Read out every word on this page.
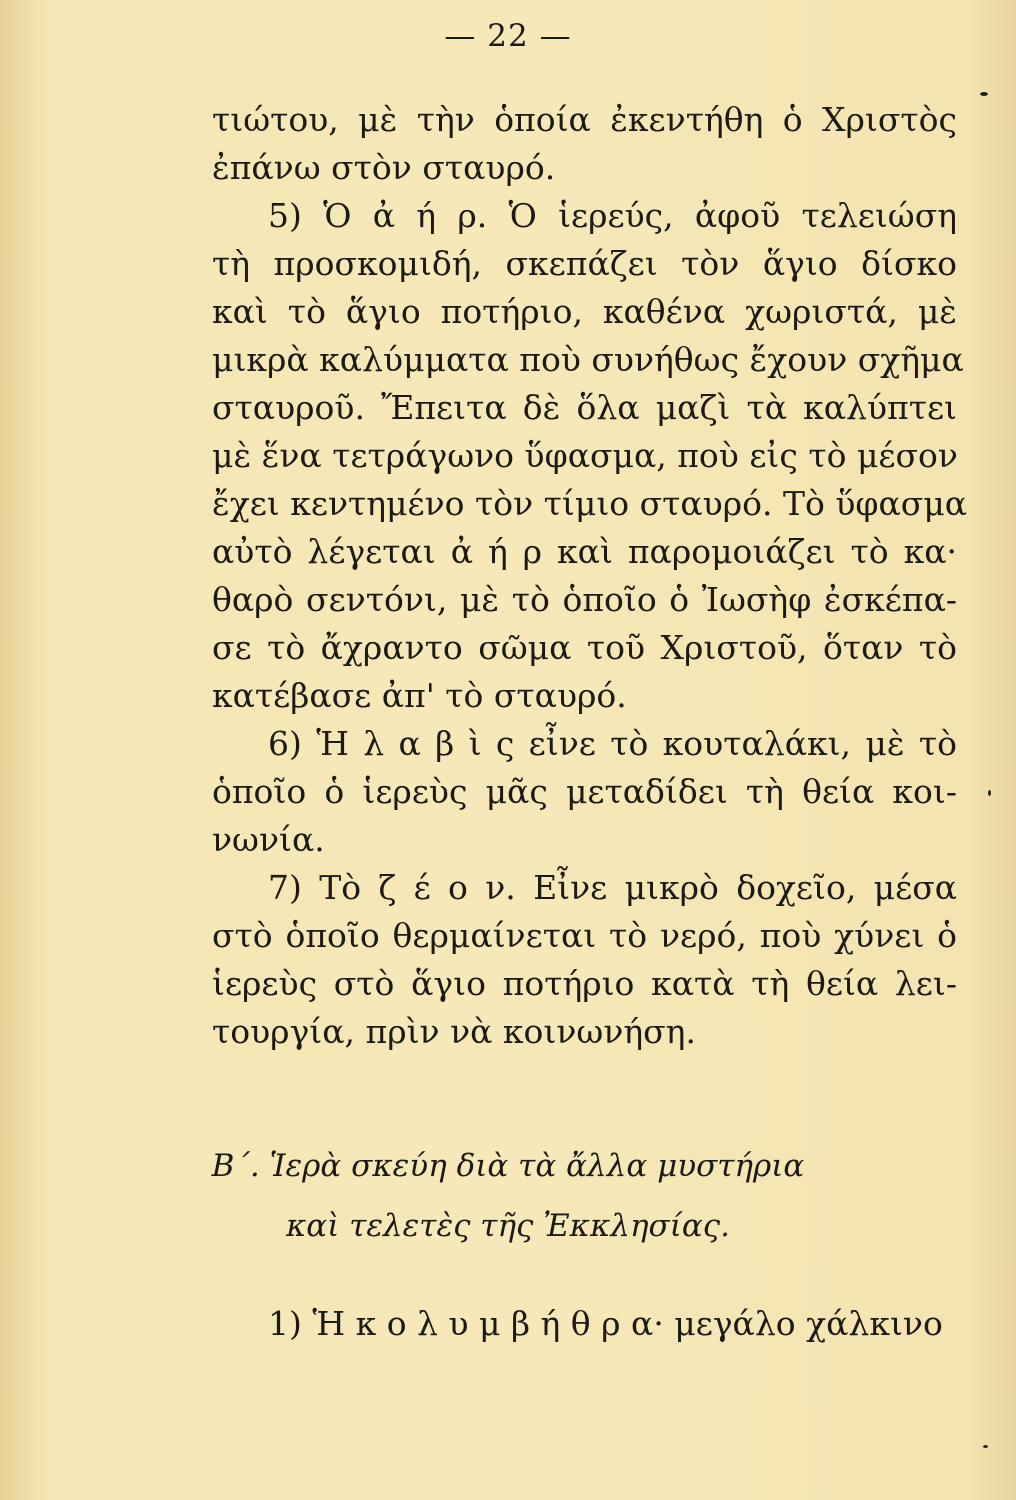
— 22 —
τιώτου, μὲ τὴν ὁποία ἐκεντήθη ὁ Χριστὸς
ἐπάνω στὸν σταυρό.
5) Ὁ ἀ ή ρ. Ὁ ἱερεύς, ἀφοῦ τελειώση
τὴ προσκομιδή, σκεπάζει τὸν ἅγιο δίσκο
καὶ τὸ ἅγιο ποτήριο, καθένα χωριστά, μὲ
μικρὰ καλύμματα ποὺ συνήθως ἔχουν σχῆμα
σταυροῦ. Ἔπειτα δὲ ὅλα μαζὶ τὰ καλύπτει
μὲ ἕνα τετράγωνο ὕφασμα, ποὺ εἰς τὸ μέσον
ἔχει κεντημένο τὸν τίμιο σταυρό. Τὸ ὕφασμα
αὐτὸ λέγεται ἀ ή ρ καὶ παρομοιάζει τὸ κα·
θαρὸ σεντόνι, μὲ τὸ ὁποῖο ὁ Ἰωσὴφ ἐσκέπα-
σε τὸ ἄχραντο σῶμα τοῦ Χριστοῦ, ὅταν τὸ
κατέβασε ἀπ' τὸ σταυρό.
6) Ἡ λ α β ὶ ς εἶνε τὸ κουταλάκι, μὲ τὸ
ὁποῖο ὁ ἱερεὺς μᾶς μεταδίδει τὴ θεία κοι-
νωνία.
7) Τὸ ζ έ ο ν. Εἶνε μικρὸ δοχεῖο, μέσα
στὸ ὁποῖο θερμαίνεται τὸ νερό, ποὺ χύνει ὁ
ἱερεὺς στὸ ἅγιο ποτήριο κατὰ τὴ θεία λει-
τουργία, πρὶν νὰ κοινωνήση.
Β΄. Ἱερὰ σκεύη διὰ τὰ ἄλλα μυστήρια
καὶ τελετὲς τῆς Ἐκκλησίας.
1) Ἡ κ ο λ υ μ β ή θ ρ α· μεγάλο χάλκινο
